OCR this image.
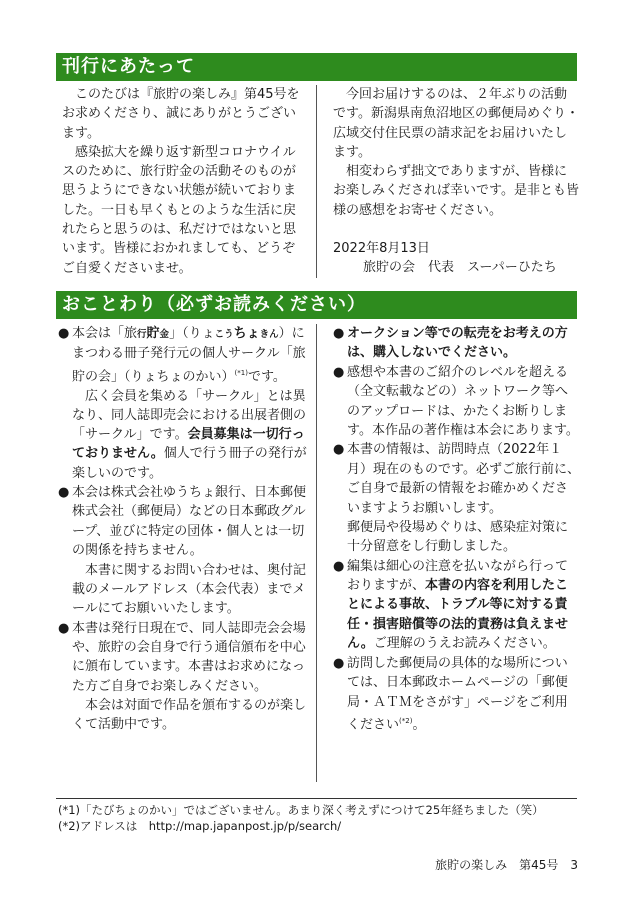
刊行にあたって

このたびは『旅貯の楽しみ』第45号をお求めくださり、誠にありがとうございます。

感染拡大を繰り返す新型コロナウイルスのために、旅行貯金の活動そのものが思うようにできない状態が続いておりました。一日も早くもとのような生活に戻れたらと思うのは、私だけではないと思います。皆様におかれましても、どうぞご自愛くださいませ。

今回お届けするのは、２年ぶりの活動です。新潟県南魚沼地区の郵便局めぐり・広域交付住民票の請求記をお届けいたします。

相変わらず拙文でありますが、皆様にお楽しみくだされば幸いです。是非とも皆様の感想をお寄せください。

2022年8月13日

旅貯の会　代表　スーパーひたち

おことわり（必ずお読みください）
● 本会は「旅行貯金」（りょこうちょきん）にまつわる冊子発行元の個人サークル「旅貯の会」（りょちょのかい）$^{(*1)}$です。

広く会員を集める「サークル」とは異なり、同人誌即売会における出展者側の「サークル」です。会員募集は一切行っておりません。個人で行う冊子の発行が楽しいのです。

● 本会は株式会社ゆうちょ銀行、日本郵便株式会社（郵便局）などの日本郵政グループ、並びに特定の団体・個人とは一切の関係を持ちません。

本書に関するお問い合わせは、奥付記載のメールアドレス（本会代表）までメールにてお願いいたします。

● 本書は発行日現在で、同人誌即売会会場や、旅貯の会自身で行う通信頒布を中心に頒布しています。本書はお求めになった方ご自身でお楽しみください。

本会は対面で作品を頒布するのが楽しくて活動中です。

● オークション等での転売をお考えの方は、購入しないでください。
● 感想や本書のご紹介のレベルを超える（全文転載などの）ネットワーク等へのアップロードは、かたくお断りします。本作品の著作権は本会にあります。
● 本書の情報は、訪問時点（2022年１月）現在のものです。必ずご旅行前に、ご自身で最新の情報をお確かめくださいますようお願いします。

郵便局や役場めぐりは、感染症対策に十分留意をし行動しました。

● 編集は細心の注意を払いながら行っておりますが、本書の内容を利用したことによる事故、トラブル等に対する責任・損害賠償等の法的責務は負えません。ご理解のうえお読みください。
● 訪問した郵便局の具体的な場所については、日本郵政ホームページの「郵便局・ＡＴＭをさがす」ページをご利用ください$^{(*2)}$。
(*1)「たびちょのかい」ではございません。あまり深く考えずにつけて25年経ちました（笑）
(*2)アドレスは　http://map.japanpost.jp/p/search/
旅貯の楽しみ　第45号　3
